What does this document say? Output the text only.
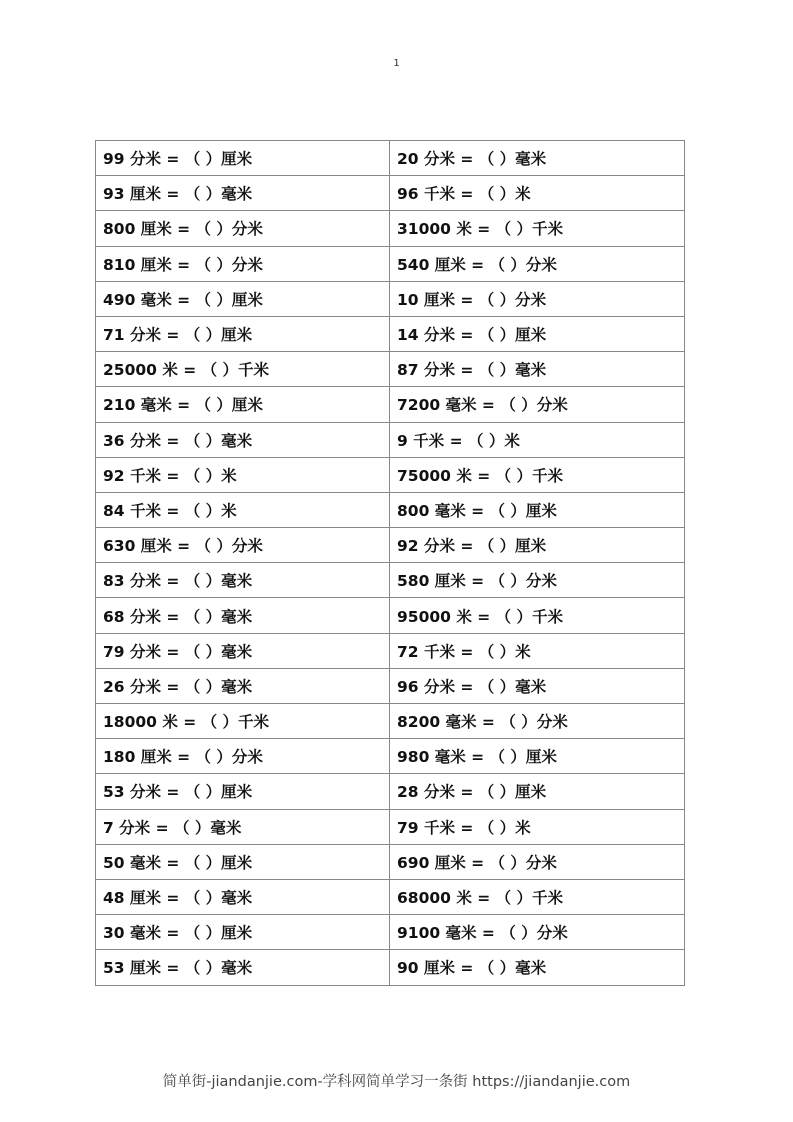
1
99 分米 = （ ）厘米	20 分米 = （ ）毫米
93 厘米 = （ ）毫米	96 千米 = （ ）米
800 厘米 = （ ）分米	31000 米 = （ ）千米
810 厘米 = （ ）分米	540 厘米 = （ ）分米
490 毫米 = （ ）厘米	10 厘米 = （ ）分米
71 分米 = （ ）厘米	14 分米 = （ ）厘米
25000 米 = （ ）千米	87 分米 = （ ）毫米
210 毫米 = （ ）厘米	7200 毫米 = （ ）分米
36 分米 = （ ）毫米	9 千米 = （ ）米
92 千米 = （ ）米	75000 米 = （ ）千米
84 千米 = （ ）米	800 毫米 = （ ）厘米
630 厘米 = （ ）分米	92 分米 = （ ）厘米
83 分米 = （ ）毫米	580 厘米 = （ ）分米
68 分米 = （ ）毫米	95000 米 = （ ）千米
79 分米 = （ ）毫米	72 千米 = （ ）米
26 分米 = （ ）毫米	96 分米 = （ ）毫米
18000 米 = （ ）千米	8200 毫米 = （ ）分米
180 厘米 = （ ）分米	980 毫米 = （ ）厘米
53 分米 = （ ）厘米	28 分米 = （ ）厘米
7 分米 = （ ）毫米	79 千米 = （ ）米
50 毫米 = （ ）厘米	690 厘米 = （ ）分米
48 厘米 = （ ）毫米	68000 米 = （ ）千米
30 毫米 = （ ）厘米	9100 毫米 = （ ）分米
53 厘米 = （ ）毫米	90 厘米 = （ ）毫米
简单街-jiandanjie.com-学科网简单学习一条街 https://jiandanjie.com
